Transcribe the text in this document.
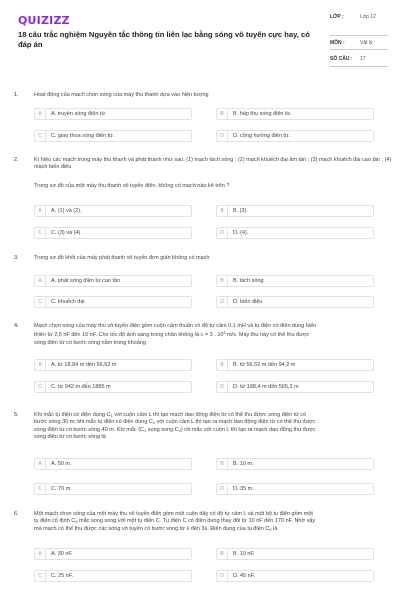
QUIZIZZ
18 câu trắc nghiệm Nguyên tắc thông tin liên lạc bằng sóng vô tuyến cực hay, có đáp án
LỚP :	Lớp 12
MÔN :	Vật lý
SỐ CÂU : 17
1.	Hoạt động của mạch chọn sóng của máy thu thanh dựa vào hiện tượng
A	A. truyền sóng điện từ.	B	B. hấp thụ sóng điện từ.
C	C. giao thoa sóng điện từ.	D	D. cộng hưởng điện từ.
2.	Kí hiệu các mạch trong máy thu thanh và phát thanh như sau: (1) mạch tách sóng ; (2) mạch khuếch đại âm tần ; (3) mạch khuếch đại cao tần ; (4) mạch biến điệu
Trong sơ đồ của một máy thu thanh vô tuyến điện, không có mạch nào kể trên ?
A	A. (1) và (2).	B	B. (3).
C	C. (3) và (4).	D	D. (4).
3.	Trong sơ đồ khối của máy phát thanh vô tuyến đơn giản không có mạch
A	A. phát sóng điện từ cao tần	B	B. tách sóng
C	C. khuếch đại	D	D. biến điệu
4.	Mạch chọn sóng của máy thu vô tuyến điện gồm cuộn cảm thuần có độ tự cảm 0,1 mH và tụ điện có điện dung biến
thiên từ 2,5 nF đến 10 nF. Cho tốc độ ánh sáng trong chân không là c = 3 . $10^8$ m/s. Máy thu này có thể thu được
sóng điện từ có bước sóng nằm trong khoảng
A	A. từ 18,84 m đến 56,52 m	B	B. từ 56,52 m đến 94,2 m
C	C. từ 942 m đến 1885 m	D	D. từ 188,4 m đến 565,2 m
5.	Khi mắc tụ điện có điện dung $C_1$ với cuộn cảm L thì tạo mạch dao động điện từ có thể thu được sóng điện từ có
bước sóng 30 m; khi mắc tụ điện có điện dung $C_2$ với cuộn cảm L thì tạo ra mạch dao động điện từ có thể thu được
sóng điện từ có bước sóng 40 m. Khi mắc ($C_1$ song song $C_2$) rồi mắc với cuộn L thì tạo ra mạch dao động thu được
sóng điện từ có bước sóng là
A	A. 50 m.	B	B. 10 m.
C	C. 70 m.	D	D. 35 m.
6.	Một mạch chọn sóng của một máy thu vô tuyến điện gồm một cuộn dây có độ tự cảm L và một bộ tụ điện gồm một
tụ điện cố định $C_0$ mắc song song với một tụ điện C. Tụ điện C có điện dung thay đổi từ 10 nF đến 170 nF. Nhờ vậy
mà mạch có thể thu được các sóng vô tuyến có bước sóng từ λ đến 3λ. Điện dung của tụ điện $C_0$ là
A	A. 30 nF.	B	B. 10 nF.
C	C. 25 nF.	D	D. 45 nF.
